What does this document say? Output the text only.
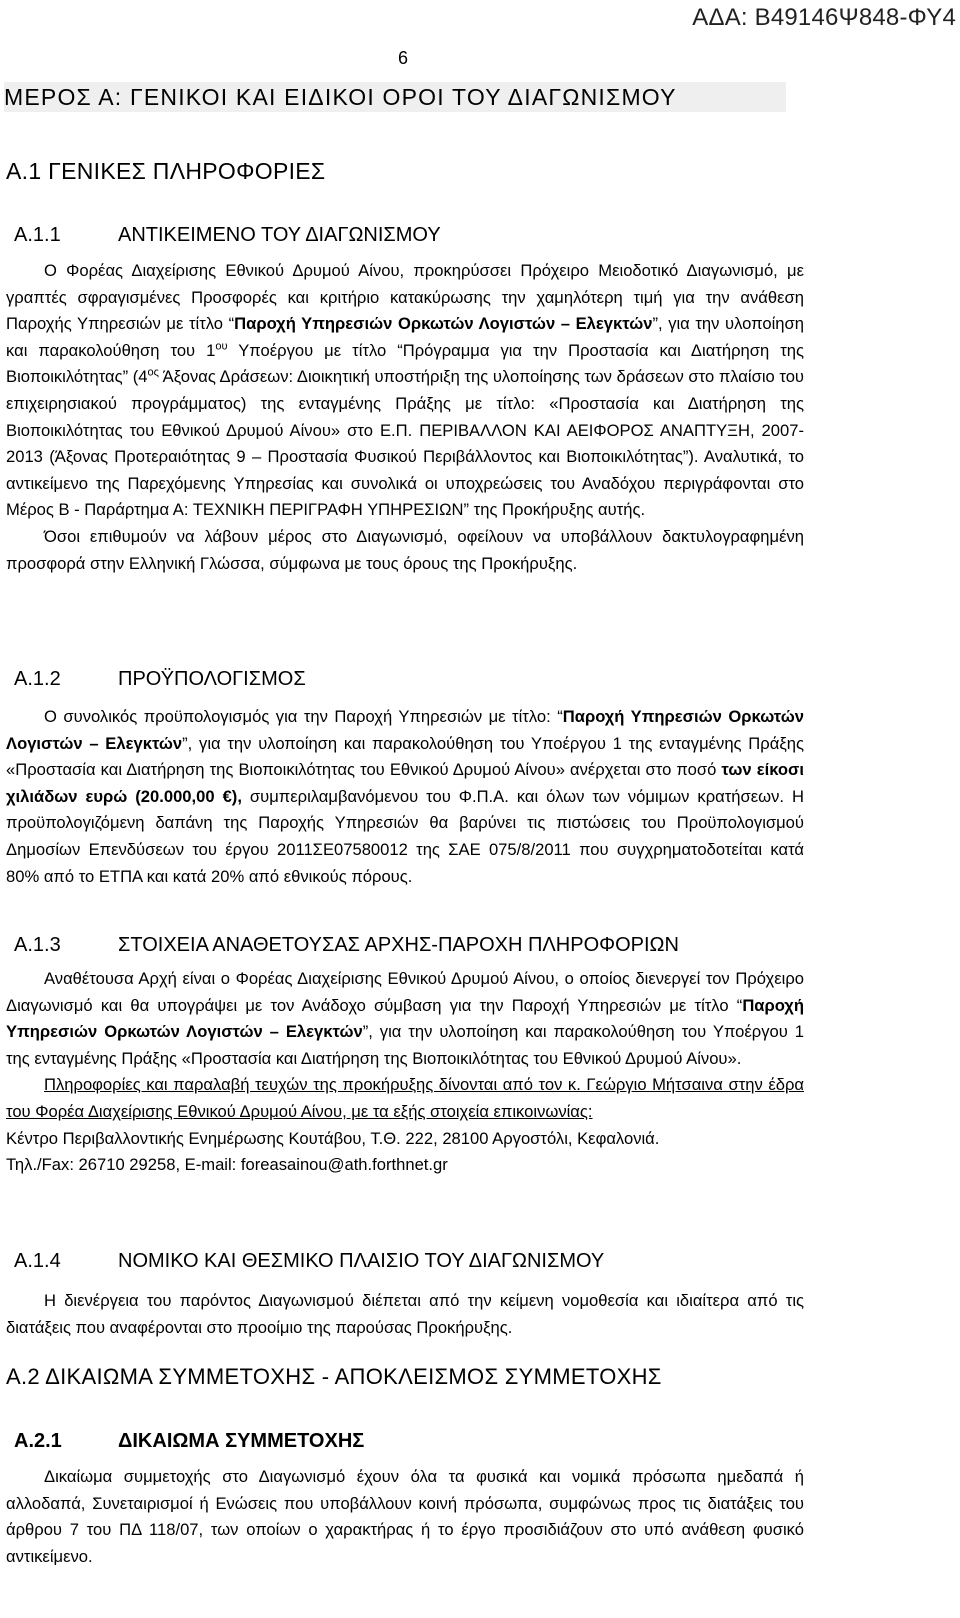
ΑΔΑ: Β49146Ψ848-ΦΥ4
6
ΜΕΡΟΣ Α: ΓΕΝΙΚΟΙ ΚΑΙ ΕΙΔΙΚΟΙ ΟΡΟΙ ΤΟΥ ΔΙΑΓΩΝΙΣΜΟΥ
Α.1 ΓΕΝΙΚΕΣ ΠΛΗΡΟΦΟΡΙΕΣ
Α.1.1	ΑΝΤΙΚΕΙΜΕΝΟ ΤΟΥ ΔΙΑΓΩΝΙΣΜΟΥ

Ο Φορέας Διαχείρισης Εθνικού Δρυμού Αίνου, προκηρύσσει Πρόχειρο Μειοδοτικό Διαγωνισμό, με γραπτές σφραγισμένες Προσφορές και κριτήριο κατακύρωσης την χαμηλότερη τιμή για την ανάθεση Παροχής Υπηρεσιών με τίτλο “Παροχή Υπηρεσιών Ορκωτών Λογιστών – Ελεγκτών”, για την υλοποίηση και παρακολούθηση του $1^{o\upsilon}$ Υποέργου με τίτλο “Πρόγραμμα για την Προστασία και Διατήρηση της Βιοποικιλότητας” ($4^{o\varsigma}$ Άξονας Δράσεων: Διοικητική υποστήριξη της υλοποίησης των δράσεων στο πλαίσιο του επιχειρησιακού προγράμματος) της ενταγμένης Πράξης με τίτλο: «Προστασία και Διατήρηση της Βιοποικιλότητας του Εθνικού Δρυμού Αίνου» στο Ε.Π. ΠΕΡΙΒΑΛΛΟΝ ΚΑΙ ΑΕΙΦΟΡΟΣ ΑΝΑΠΤΥΞΗ, 2007-2013 (Άξονας Προτεραιότητας 9 – Προστασία Φυσικού Περιβάλλοντος και Βιοποικιλότητας”). Αναλυτικά, το αντικείμενο της Παρεχόμενης Υπηρεσίας και συνολικά οι υποχρεώσεις του Αναδόχου περιγράφονται στο Μέρος Β - Παράρτημα Α: ΤΕΧΝΙΚΗ ΠΕΡΙΓΡΑΦΗ ΥΠΗΡΕΣΙΩΝ” της Προκήρυξης αυτής.

Όσοι επιθυμούν να λάβουν μέρος στο Διαγωνισμό, οφείλουν να υποβάλλουν δακτυλογραφημένη προσφορά στην Ελληνική Γλώσσα, σύμφωνα με τους όρους της Προκήρυξης.

Α.1.2	ΠΡΟΫΠΟΛΟΓΙΣΜΟΣ

Ο συνολικός προϋπολογισμός για την Παροχή Υπηρεσιών με τίτλο: “Παροχή Υπηρεσιών Ορκωτών Λογιστών – Ελεγκτών”, για την υλοποίηση και παρακολούθηση του Υποέργου 1 της ενταγμένης Πράξης «Προστασία και Διατήρηση της Βιοποικιλότητας του Εθνικού Δρυμού Αίνου» ανέρχεται στο ποσό των είκοσι χιλιάδων ευρώ (20.000,00 €), συμπεριλαμβανόμενου του Φ.Π.Α. και όλων των νόμιμων κρατήσεων. Η προϋπολογιζόμενη δαπάνη της Παροχής Υπηρεσιών θα βαρύνει τις πιστώσεις του Προϋπολογισμού Δημοσίων Επενδύσεων του έργου 2011ΣΕ07580012 της ΣΑΕ 075/8/2011 που συγχρηματοδοτείται κατά 80% από το ΕΤΠΑ και κατά 20% από εθνικούς πόρους.

Α.1.3	ΣΤΟΙΧΕΙΑ ΑΝΑΘΕΤΟΥΣΑΣ ΑΡΧΗΣ-ΠΑΡΟΧΗ ΠΛΗΡΟΦΟΡΙΩΝ

Αναθέτουσα Αρχή είναι ο Φορέας Διαχείρισης Εθνικού Δρυμού Αίνου, ο οποίος διενεργεί τον Πρόχειρο Διαγωνισμό και θα υπογράψει με τον Ανάδοχο σύμβαση για την Παροχή Υπηρεσιών με τίτλο “Παροχή Υπηρεσιών Ορκωτών Λογιστών – Ελεγκτών”, για την υλοποίηση και παρακολούθηση του Υποέργου 1 της ενταγμένης Πράξης «Προστασία και Διατήρηση της Βιοποικιλότητας του Εθνικού Δρυμού Αίνου».

Πληροφορίες και παραλαβή τευχών της προκήρυξης δίνονται από τον κ. Γεώργιο Μήτσαινα στην έδρα του Φορέα Διαχείρισης Εθνικού Δρυμού Αίνου, με τα εξής στοιχεία επικοινωνίας:

Κέντρο Περιβαλλοντικής Ενημέρωσης Κουτάβου, Τ.Θ. 222, 28100 Αργοστόλι, Κεφαλονιά.

Τηλ./Fax: 26710 29258, E-mail: foreasainou@ath.forthnet.gr

Α.1.4	ΝΟΜΙΚΟ ΚΑΙ ΘΕΣΜΙΚΟ ΠΛΑΙΣΙΟ ΤΟΥ ΔΙΑΓΩΝΙΣΜΟΥ

Η διενέργεια του παρόντος Διαγωνισμού διέπεται από την κείμενη νομοθεσία και ιδιαίτερα από τις διατάξεις που αναφέρονται στο προοίμιο της παρούσας Προκήρυξης.

Α.2 ΔΙΚΑΙΩΜΑ ΣΥΜΜΕΤΟΧΗΣ - ΑΠΟΚΛΕΙΣΜΟΣ ΣΥΜΜΕΤΟΧΗΣ
Α.2.1	ΔΙΚΑΙΩΜΑ ΣΥΜΜΕΤΟΧΗΣ

Δικαίωμα συμμετοχής στο Διαγωνισμό έχουν όλα τα φυσικά και νομικά πρόσωπα ημεδαπά ή αλλοδαπά, Συνεταιρισμοί ή Ενώσεις που υποβάλλουν κοινή πρόσωπα, συμφώνως προς τις διατάξεις του άρθρου 7 του ΠΔ 118/07, των οποίων ο χαρακτήρας ή το έργο προσιδιάζουν στο υπό ανάθεση φυσικό αντικείμενο.
